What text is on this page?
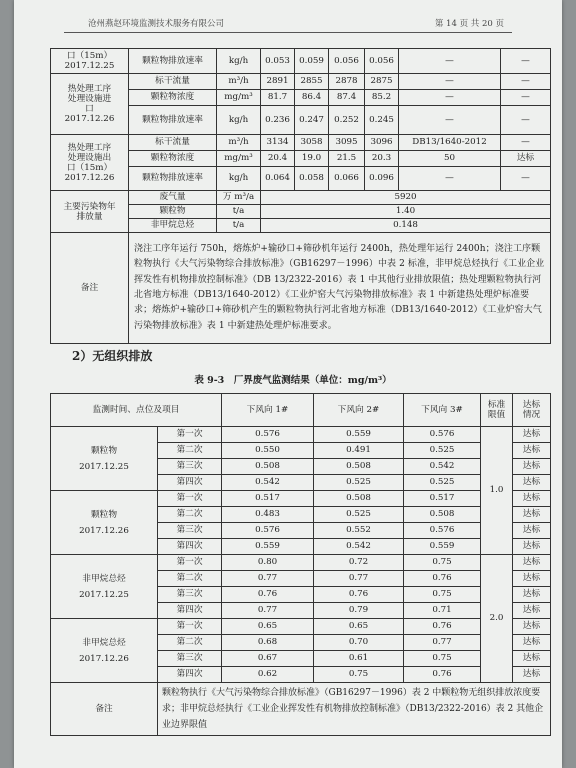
沧州燕赵环境监测技术服务有限公司	第 14 页 共 20 页
口（15m）
2017.12.25	颗粒物排放速率	kg/h	0.053	0.059	0.056	0.056	—	—
热处理工序
处理设施进
口
2017.12.26	标干流量	m³/h	2891	2855	2878	2875	—	—
	颗粒物浓度	mg/m³	81.7	86.4	87.4	85.2	—	—
	颗粒物排放速率	kg/h	0.236	0.247	0.252	0.245	—	—
热处理工序
处理设施出
口（15m）
2017.12.26	标干流量	m³/h	3134	3058	3095	3096	DB13/1640-2012	—
	颗粒物浓度	mg/m³	20.4	19.0	21.5	20.3	50	达标
	颗粒物排放速率	kg/h	0.064	0.058	0.066	0.096	—	—
主要污染物年
排放量	废气量	万 m³/a	5920					
	颗粒物	t/a	1.40					
	非甲烷总烃	t/a	0.148					
备注	浇注工序年运行 750h，熔炼炉+输砂口+筛砂机年运行 2400h，热处理年运行 2400h；浇注工序颗粒物执行《大气污染物综合排放标准》（GB16297－1996）中表 2 标准，非甲烷总烃执行《工业企业挥发性有机物排放控制标准》（DB 13/2322-2016）表 1 中其他行业排放限值；热处理颗粒物执行河北省地方标准（DB13/1640-2012）《工业炉窑大气污染物排放标准》表 1 中新建热处理炉标准要求；熔炼炉+输砂口+筛砂机产生的颗粒物执行河北省地方标准（DB13/1640-2012）《工业炉窑大气污染物排放标准》表 1 中新建热处理炉标准要求。							
2）无组织排放
表 9-3　厂界废气监测结果（单位：mg/m³）
监测时间、点位及项目		下风向 1#	下风向 2#	下风向 3#	标准
限值	达标
情况
颗粒物
2017.12.25	第一次	0.576	0.559	0.576	1.0	达标
	第二次	0.550	0.491	0.525		达标
	第三次	0.508	0.508	0.542		达标
	第四次	0.542	0.525	0.525		达标
颗粒物
2017.12.26	第一次	0.517	0.508	0.517		达标
	第二次	0.483	0.525	0.508		达标
	第三次	0.576	0.552	0.576		达标
	第四次	0.559	0.542	0.559		达标
非甲烷总烃
2017.12.25	第一次	0.80	0.72	0.75	2.0	达标
	第二次	0.77	0.77	0.76		达标
	第三次	0.76	0.76	0.75		达标
	第四次	0.77	0.79	0.71		达标
非甲烷总烃
2017.12.26	第一次	0.65	0.65	0.76		达标
	第二次	0.68	0.70	0.77		达标
	第三次	0.67	0.61	0.75		达标
	第四次	0.62	0.75	0.76		达标
备注	颗粒物执行《大气污染物综合排放标准》（GB16297－1996）表 2 中颗粒物无组织排放浓度要求；非甲烷总烃执行《工业企业挥发性有机物排放控制标准》（DB13/2322-2016）表 2 其他企业边界限值					
